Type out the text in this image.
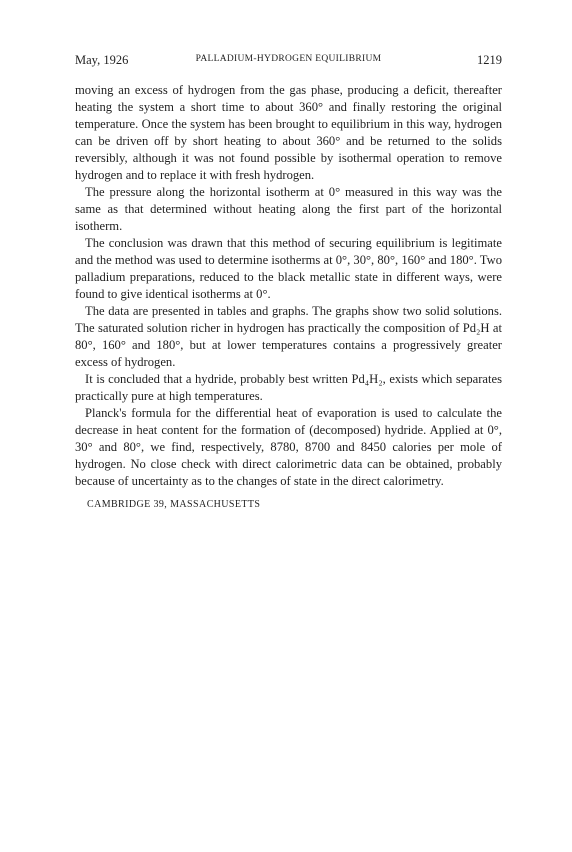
May, 1926	PALLADIUM-HYDROGEN EQUILIBRIUM	1219

moving an excess of hydrogen from the gas phase, producing a deficit, thereafter heating the system a short time to about 360° and finally restoring the original temperature. Once the system has been brought to equilibrium in this way, hydrogen can be driven off by short heating to about 360° and be returned to the solids reversibly, although it was not found possible by isothermal operation to remove hydrogen and to replace it with fresh hydrogen.

The pressure along the horizontal isotherm at 0° measured in this way was the same as that determined without heating along the first part of the horizontal isotherm.

The conclusion was drawn that this method of securing equilibrium is legitimate and the method was used to determine isotherms at 0°, 30°, 80°, 160° and 180°. Two palladium preparations, reduced to the black metallic state in different ways, were found to give identical isotherms at 0°.

The data are presented in tables and graphs. The graphs show two solid solutions. The saturated solution richer in hydrogen has practically the composition of Pd₂H at 80°, 160° and 180°, but at lower temperatures contains a progressively greater excess of hydrogen.

It is concluded that a hydride, probably best written Pd₄H₂, exists which separates practically pure at high temperatures.

Planck's formula for the differential heat of evaporation is used to calculate the decrease in heat content for the formation of (decomposed) hydride. Applied at 0°, 30° and 80°, we find, respectively, 8780, 8700 and 8450 calories per mole of hydrogen. No close check with direct calorimetric data can be obtained, probably because of uncertainty as to the changes of state in the direct calorimetry.

CAMBRIDGE 39, MASSACHUSETTS
